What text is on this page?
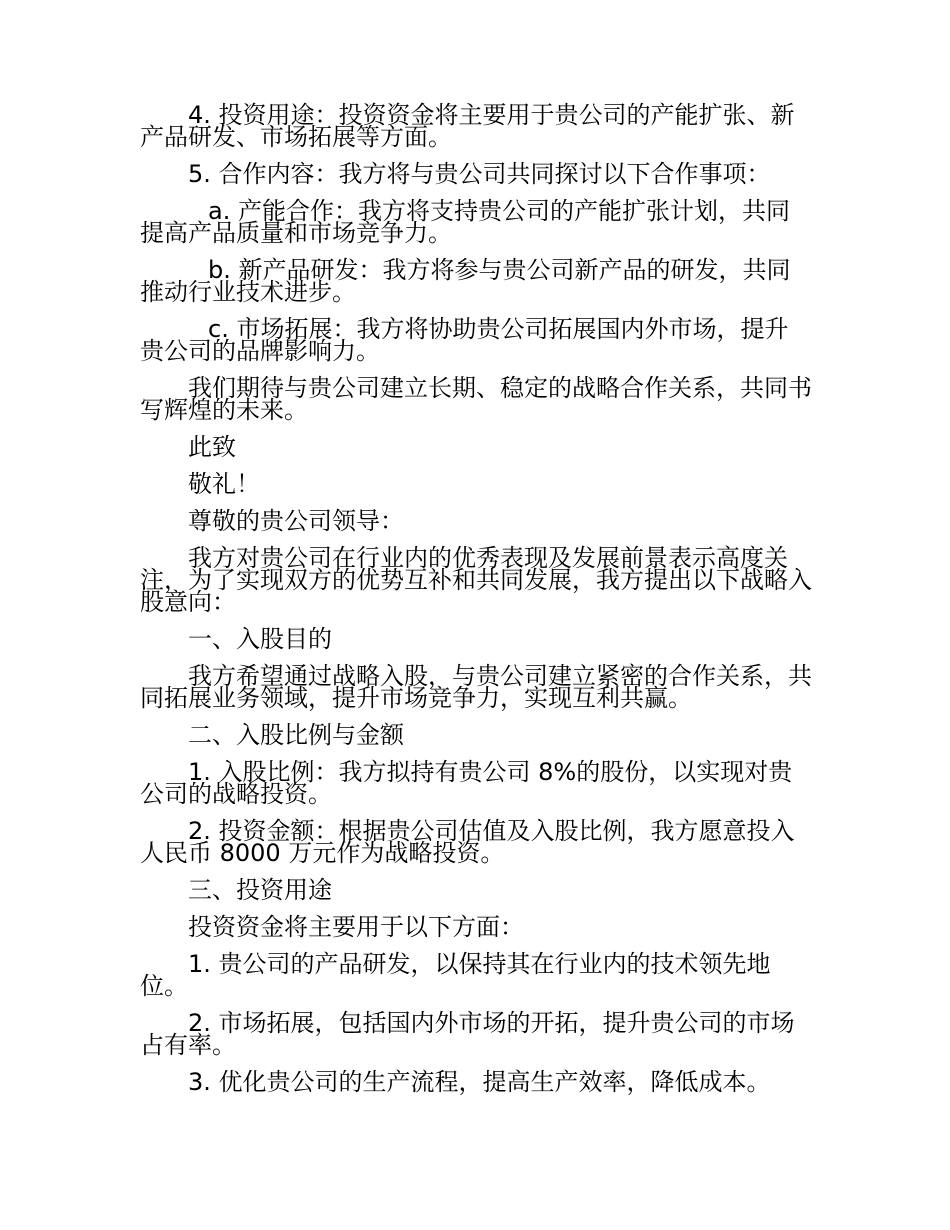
4. 投资用途：投资资金将主要用于贵公司的产能扩张、新产品研发、市场拓展等方面。

5. 合作内容：我方将与贵公司共同探讨以下合作事项：

a. 产能合作：我方将支持贵公司的产能扩张计划，共同提高产品质量和市场竞争力。

b. 新产品研发：我方将参与贵公司新产品的研发，共同推动行业技术进步。

c. 市场拓展：我方将协助贵公司拓展国内外市场，提升贵公司的品牌影响力。

我们期待与贵公司建立长期、稳定的战略合作关系，共同书写辉煌的未来。

此致

敬礼！

尊敬的贵公司领导：

我方对贵公司在行业内的优秀表现及发展前景表示高度关注，为了实现双方的优势互补和共同发展，我方提出以下战略入股意向：

一、入股目的

我方希望通过战略入股，与贵公司建立紧密的合作关系，共同拓展业务领域，提升市场竞争力，实现互利共赢。

二、入股比例与金额

1. 入股比例：我方拟持有贵公司 8%的股份，以实现对贵公司的战略投资。

2. 投资金额：根据贵公司估值及入股比例，我方愿意投入人民币 8000 万元作为战略投资。

三、投资用途

投资资金将主要用于以下方面：

1. 贵公司的产品研发，以保持其在行业内的技术领先地位。

2. 市场拓展，包括国内外市场的开拓，提升贵公司的市场占有率。

3. 优化贵公司的生产流程，提高生产效率，降低成本。
